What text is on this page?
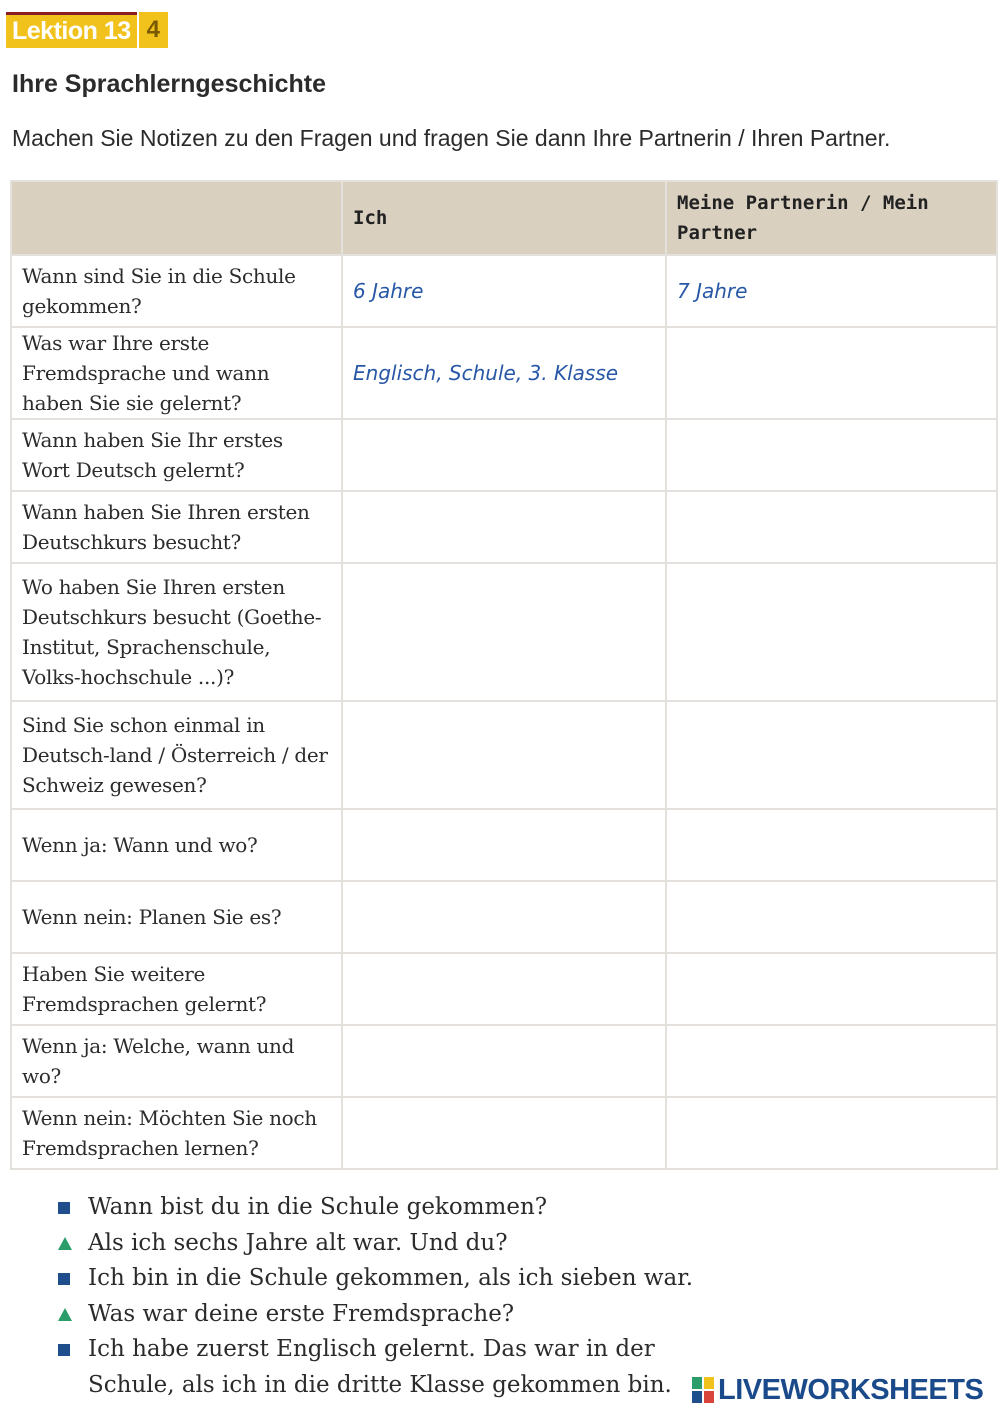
Lektion 13 4
Ihre Sprachlerngeschichte

Machen Sie Notizen zu den Fragen und fragen Sie dann Ihre Partnerin / Ihren Partner.

	Ich	Meine Partnerin / Mein Partner
Wann sind Sie in die Schule gekommen?	6 Jahre	7 Jahre
Was war Ihre erste Fremdsprache und wann haben Sie sie gelernt?	Englisch, Schule, 3. Klasse	
Wann haben Sie Ihr erstes Wort Deutsch gelernt?		
Wann haben Sie Ihren ersten Deutschkurs besucht?		
Wo haben Sie Ihren ersten Deutschkurs besucht (Goethe-Institut, Sprachenschule, Volks-hochschule ...)?		
Sind Sie schon einmal in Deutsch-land / Österreich / der Schweiz gewesen?		
Wenn ja: Wann und wo?		
Wenn nein: Planen Sie es?		
Haben Sie weitere Fremdsprachen gelernt?		
Wenn ja: Welche, wann und wo?		
Wenn nein: Möchten Sie noch Fremdsprachen lernen?		
Wann bist du in die Schule gekommen?
Als ich sechs Jahre alt war. Und du?
Ich bin in die Schule gekommen, als ich sieben war.
Was war deine erste Fremdsprache?
Ich habe zuerst Englisch gelernt. Das war in der Schule, als ich in die dritte Klasse gekommen bin.	LIVEWORKSHEETS
